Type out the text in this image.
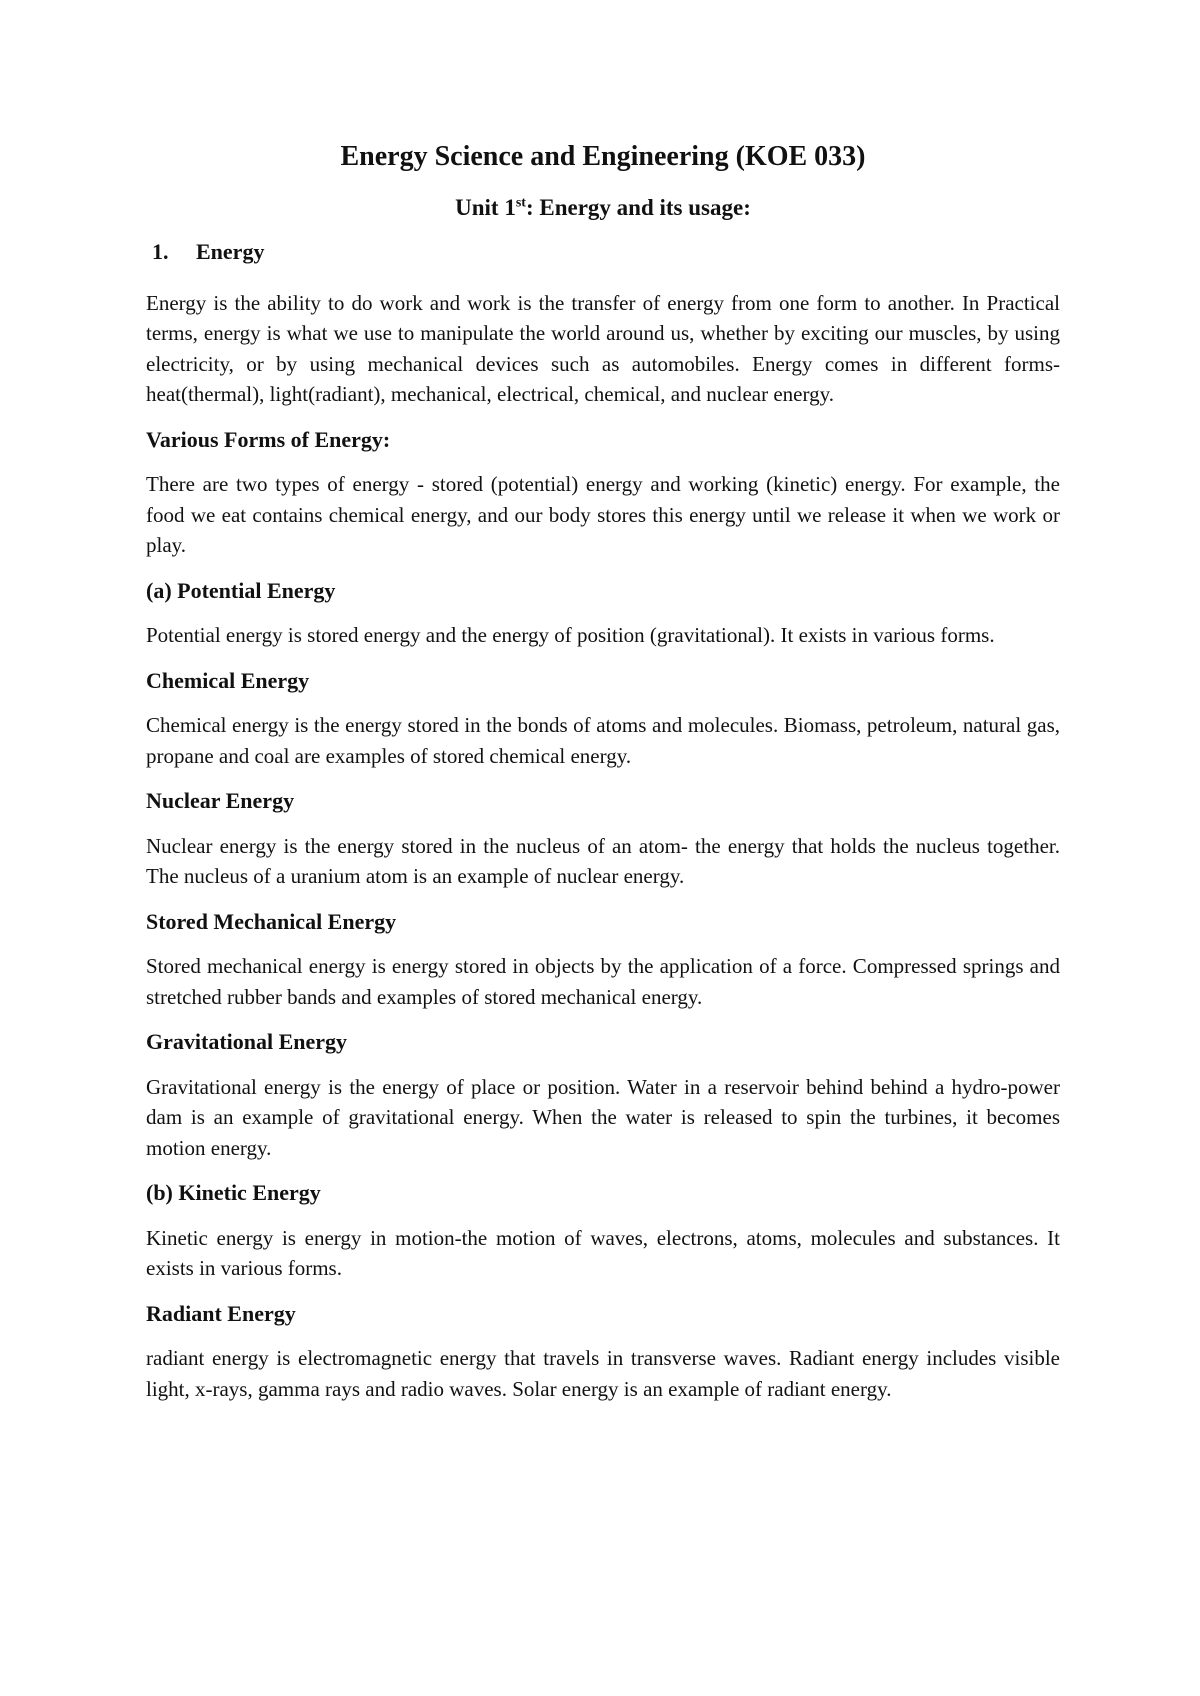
Energy Science and Engineering (KOE 033)
Unit 1st: Energy and its usage:
1. Energy

Energy is the ability to do work and work is the transfer of energy from one form to another. In Practical terms, energy is what we use to manipulate the world around us, whether by exciting our muscles, by using electricity, or by using mechanical devices such as automobiles. Energy comes in different forms-heat(thermal), light(radiant), mechanical, electrical, chemical, and nuclear energy.

Various Forms of Energy:

There are two types of energy - stored (potential) energy and working (kinetic) energy. For example, the food we eat contains chemical energy, and our body stores this energy until we release it when we work or play.

(a) Potential Energy

Potential energy is stored energy and the energy of position (gravitational). It exists in various forms.

Chemical Energy

Chemical energy is the energy stored in the bonds of atoms and molecules. Biomass, petroleum, natural gas, propane and coal are examples of stored chemical energy.

Nuclear Energy

Nuclear energy is the energy stored in the nucleus of an atom- the energy that holds the nucleus together. The nucleus of a uranium atom is an example of nuclear energy.

Stored Mechanical Energy

Stored mechanical energy is energy stored in objects by the application of a force. Compressed springs and stretched rubber bands and examples of stored mechanical energy.

Gravitational Energy

Gravitational energy is the energy of place or position. Water in a reservoir behind behind a hydro-power dam is an example of gravitational energy. When the water is released to spin the turbines, it becomes motion energy.

(b) Kinetic Energy

Kinetic energy is energy in motion-the motion of waves, electrons, atoms, molecules and substances. It exists in various forms.

Radiant Energy

radiant energy is electromagnetic energy that travels in transverse waves. Radiant energy includes visible light, x-rays, gamma rays and radio waves. Solar energy is an example of radiant energy.
